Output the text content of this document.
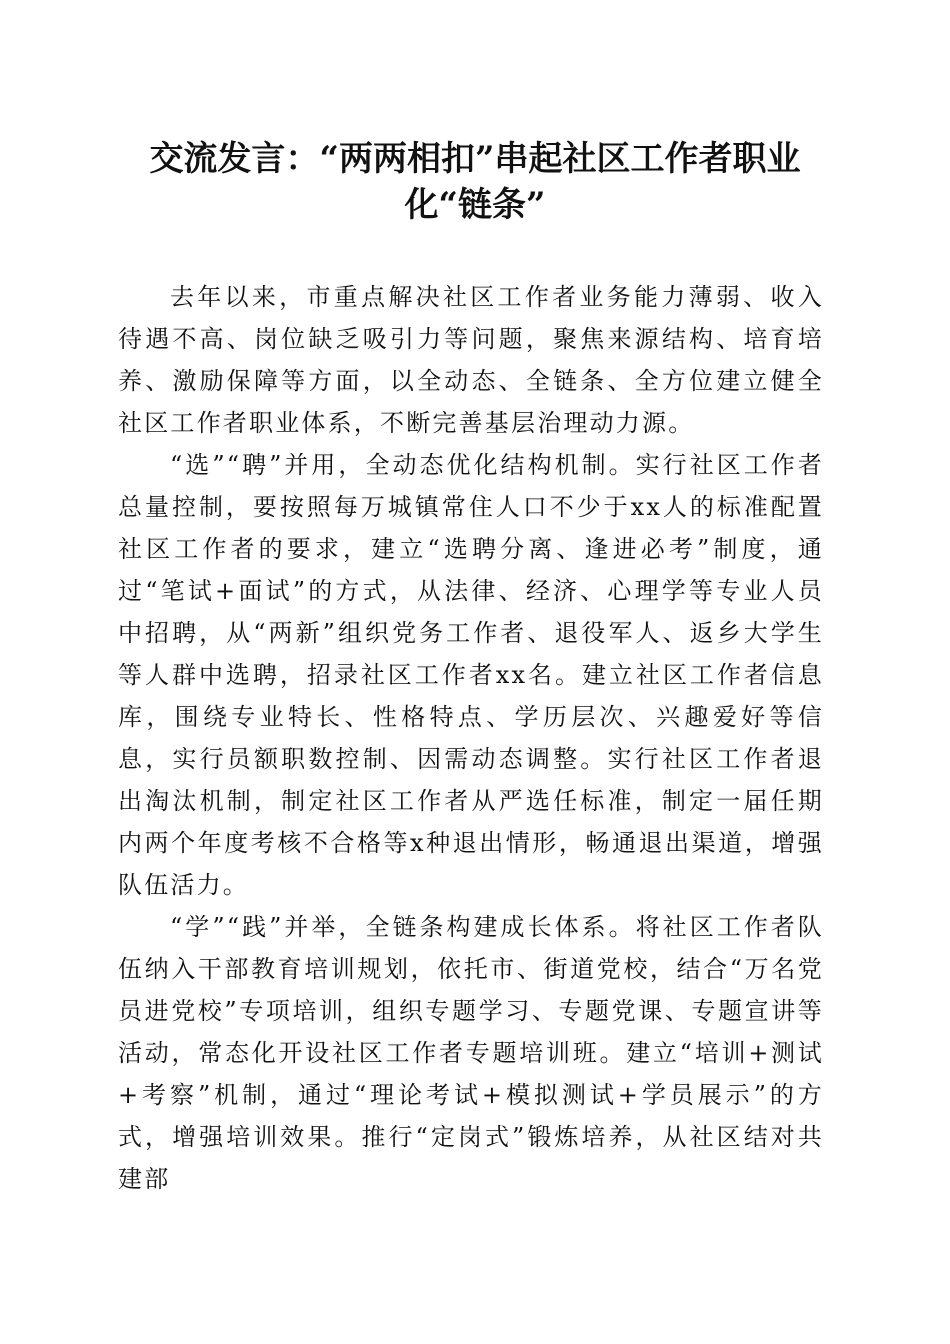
交流发言：“两两相扣”串起社区工作者职业
化“链条”

去年以来，市重点解决社区工作者业务能力薄弱、收入待遇不高、岗位缺乏吸引力等问题，聚焦来源结构、培育培养、激励保障等方面，以全动态、全链条、全方位建立健全社区工作者职业体系，不断完善基层治理动力源。

“选”“聘”并用，全动态优化结构机制。实行社区工作者总量控制，要按照每万城镇常住人口不少于xx人的标准配置社区工作者的要求，建立“选聘分离、逢进必考”制度，通过“笔试+面试”的方式，从法律、经济、心理学等专业人员中招聘，从“两新”组织党务工作者、退役军人、返乡大学生等人群中选聘，招录社区工作者xx名。建立社区工作者信息库，围绕专业特长、性格特点、学历层次、兴趣爱好等信息，实行员额职数控制、因需动态调整。实行社区工作者退出淘汰机制，制定社区工作者从严选任标准，制定一届任期内两个年度考核不合格等x种退出情形，畅通退出渠道，增强队伍活力。

“学”“践”并举，全链条构建成长体系。将社区工作者队伍纳入干部教育培训规划，依托市、街道党校，结合“万名党员进党校”专项培训，组织专题学习、专题党课、专题宣讲等活动，常态化开设社区工作者专题培训班。建立“培训+测试+考察”机制，通过“理论考试+模拟测试+学员展示”的方式，增强培训效果。推行“定岗式”锻炼培养，从社区结对共建部
